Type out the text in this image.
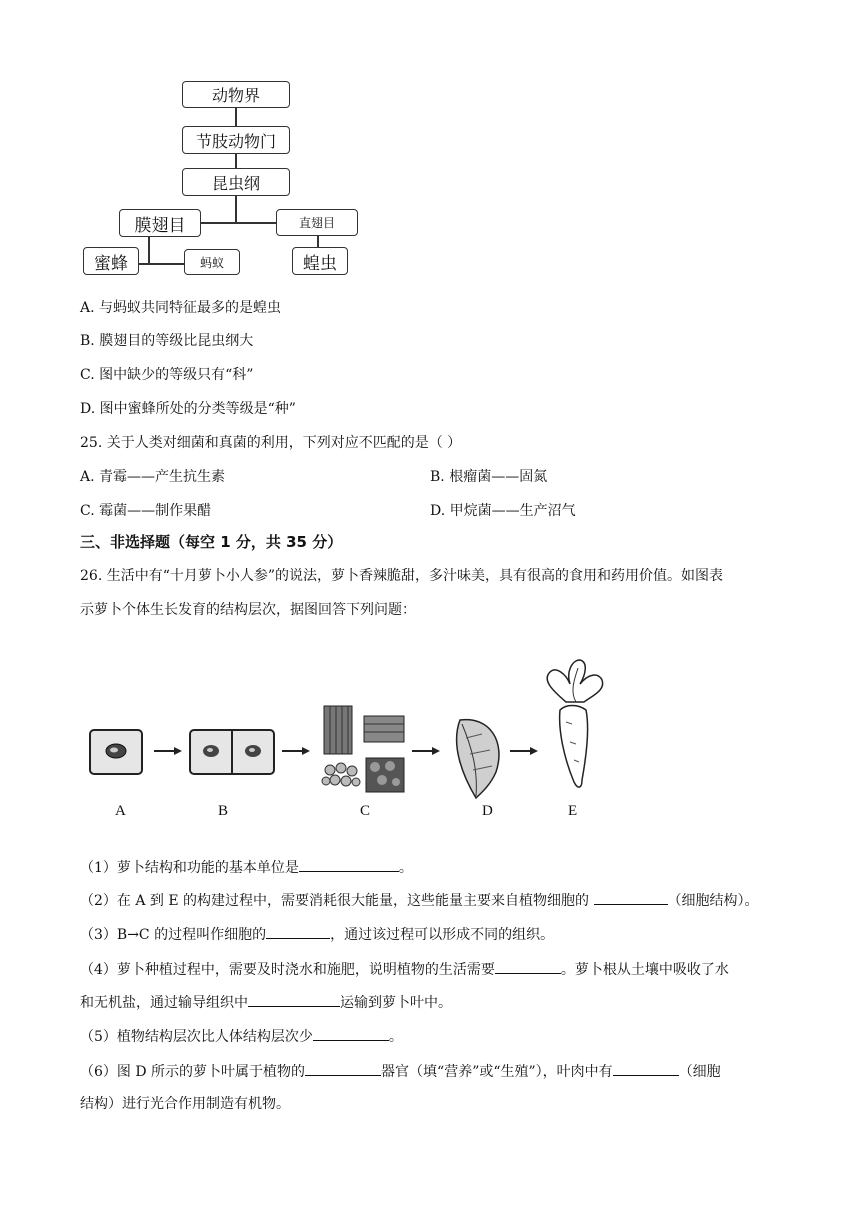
动物界
节肢动物门
昆虫纲
膜翅目	直翅目
蜜蜂	蚂蚁	蝗虫
A. 与蚂蚁共同特征最多的是蝗虫
B. 膜翅目的等级比昆虫纲大
C. 图中缺少的等级只有“科”
D. 图中蜜蜂所处的分类等级是“种”
25. 关于人类对细菌和真菌的利用，下列对应不匹配的是（ ）
A. 青霉——产生抗生素	B. 根瘤菌——固氮
C. 霉菌——制作果醋	D. 甲烷菌——生产沼气
三、非选择题（每空 1 分，共 35 分）
26. 生活中有“十月萝卜小人参”的说法，萝卜香辣脆甜，多汁味美，具有很高的食用和药用价值。如图表
示萝卜个体生长发育的结构层次，据图回答下列问题：
A	B	C	D	E
（1）萝卜结构和功能的基本单位是	。
（2）在 A 到 E 的构建过程中，需要消耗很大能量，这些能量主要来自植物细胞的	（细胞结构）。
（3）B→C 的过程叫作细胞的	，通过该过程可以形成不同的组织。
（4）萝卜种植过程中，需要及时浇水和施肥，说明植物的生活需要	。萝卜根从土壤中吸收了水
和无机盐，通过输导组织中	运输到萝卜叶中。
（5）植物结构层次比人体结构层次少	。
（6）图 D 所示的萝卜叶属于植物的	器官（填“营养”或“生殖”），叶肉中有	（细胞
结构）进行光合作用制造有机物。
